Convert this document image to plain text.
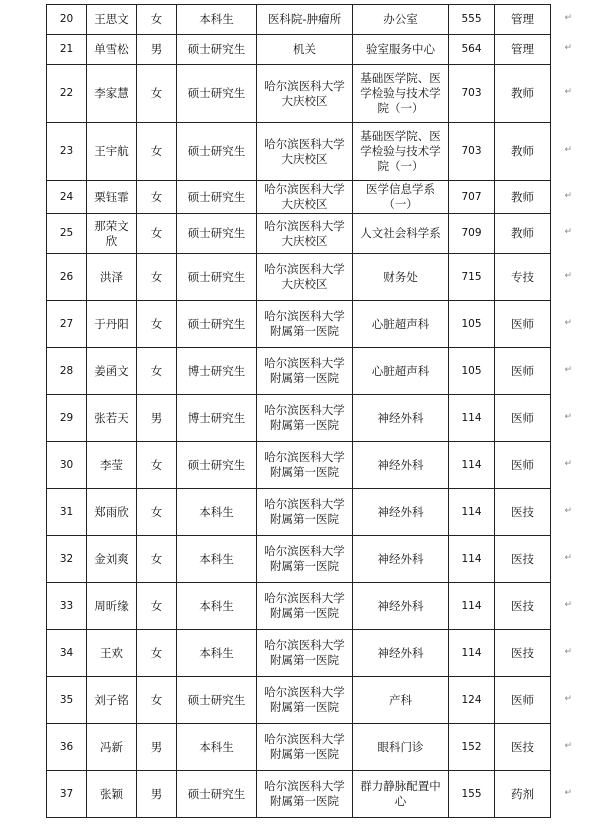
20	王思文	女	本科生	医科院-肿瘤所	办公室	555	管理
21	单雪松	男	硕士研究生	机关	验室服务中心	564	管理
22	李家慧	女	硕士研究生	哈尔滨医科大学大庆校区	基础医学院、医学检验与技术学院（一）	703	教师
23	王宇航	女	硕士研究生	哈尔滨医科大学大庆校区	基础医学院、医学检验与技术学院（一）	703	教师
24	栗钰霏	女	硕士研究生	哈尔滨医科大学大庆校区	医学信息学系（一）	707	教师
25	那荣文欣	女	硕士研究生	哈尔滨医科大学大庆校区	人文社会科学系	709	教师
26	洪泽	女	硕士研究生	哈尔滨医科大学大庆校区	财务处	715	专技
27	于丹阳	女	硕士研究生	哈尔滨医科大学附属第一医院	心脏超声科	105	医师
28	姜函文	女	博士研究生	哈尔滨医科大学附属第一医院	心脏超声科	105	医师
29	张若天	男	博士研究生	哈尔滨医科大学附属第一医院	神经外科	114	医师
30	李莹	女	硕士研究生	哈尔滨医科大学附属第一医院	神经外科	114	医师
31	郑雨欣	女	本科生	哈尔滨医科大学附属第一医院	神经外科	114	医技
32	金刘爽	女	本科生	哈尔滨医科大学附属第一医院	神经外科	114	医技
33	周昕缘	女	本科生	哈尔滨医科大学附属第一医院	神经外科	114	医技
34	王欢	女	本科生	哈尔滨医科大学附属第一医院	神经外科	114	医技
35	刘子铭	女	硕士研究生	哈尔滨医科大学附属第一医院	产科	124	医师
36	冯新	男	本科生	哈尔滨医科大学附属第一医院	眼科门诊	152	医技
37	张颖	男	硕士研究生	哈尔滨医科大学附属第一医院	群力静脉配置中心	155	药剂
↵
↵
↵
↵
↵
↵
↵
↵
↵
↵
↵
↵
↵
↵
↵
↵
↵
↵
